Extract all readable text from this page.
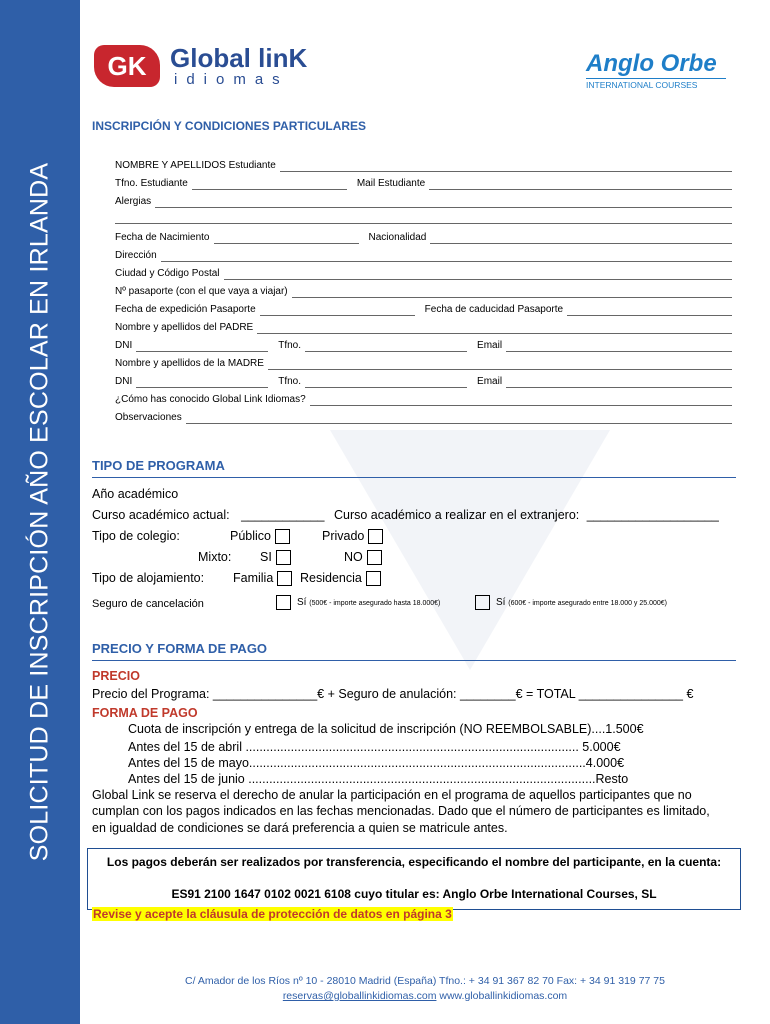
SOLICITUD DE INSCRIPCIÓN AÑO ESCOLAR EN IRLANDA
GK Global linK
idiomas
Anglo Orbe
INTERNATIONAL COURSES
INSCRIPCIÓN Y CONDICIONES PARTICULARES
NOMBRE Y APELLIDOS Estudiante
Tfno. Estudiante	Mail Estudiante
Alergias
Fecha de Nacimiento	Nacionalidad
Dirección
Ciudad y Código Postal
Nº pasaporte (con el que vaya a viajar)
Fecha de expedición Pasaporte	Fecha de caducidad Pasaporte
Nombre y apellidos del PADRE
DNI	Tfno.	Email
Nombre y apellidos de la MADRE
DNI	Tfno.	Email
¿Cómo has conocido Global Link Idiomas?
Observaciones
TIPO DE PROGRAMA
Año académico
Curso académico actual: ____________ Curso académico a realizar en el extranjero: ___________________
Tipo de colegio:	Público	Privado
Mixto: SI	NO
Tipo de alojamiento: Familia	Residencia
Seguro de cancelación	Sí (500€ - importe asegurado hasta 18.000€)	Sí (600€ - importe asegurado entre 18.000 y 25.000€)
PRECIO Y FORMA DE PAGO
PRECIO
Precio del Programa: _______________€ + Seguro de anulación: ________€ = TOTAL _______________ €
FORMA DE PAGO
Cuota de inscripción y entrega de la solicitud de inscripción (NO REEMBOLSABLE)....1.500€
Antes del 15 de abril ................................................................................................ 5.000€
Antes del 15 de mayo.................................................................................................4.000€
Antes del 15 de junio ....................................................................................................Resto
Global Link se reserva el derecho de anular la participación en el programa de aquellos participantes que no
cumplan con los pagos indicados en las fechas mencionadas. Dado que el número de participantes es limitado,
en igualdad de condiciones se dará preferencia a quien se matricule antes.
Los pagos deberán ser realizados por transferencia, especificando el nombre del participante, en la cuenta:
ES91 2100 1647 0102 0021 6108 cuyo titular es: Anglo Orbe International Courses, SL
Revise y acepte la cláusula de protección de datos en página 3
C/ Amador de los Ríos nº 10 - 28010 Madrid (España) Tfno.: + 34 91 367 82 70 Fax: + 34 91 319 77 75
reservas@globallinkidiomas.com www.globallinkidiomas.com
